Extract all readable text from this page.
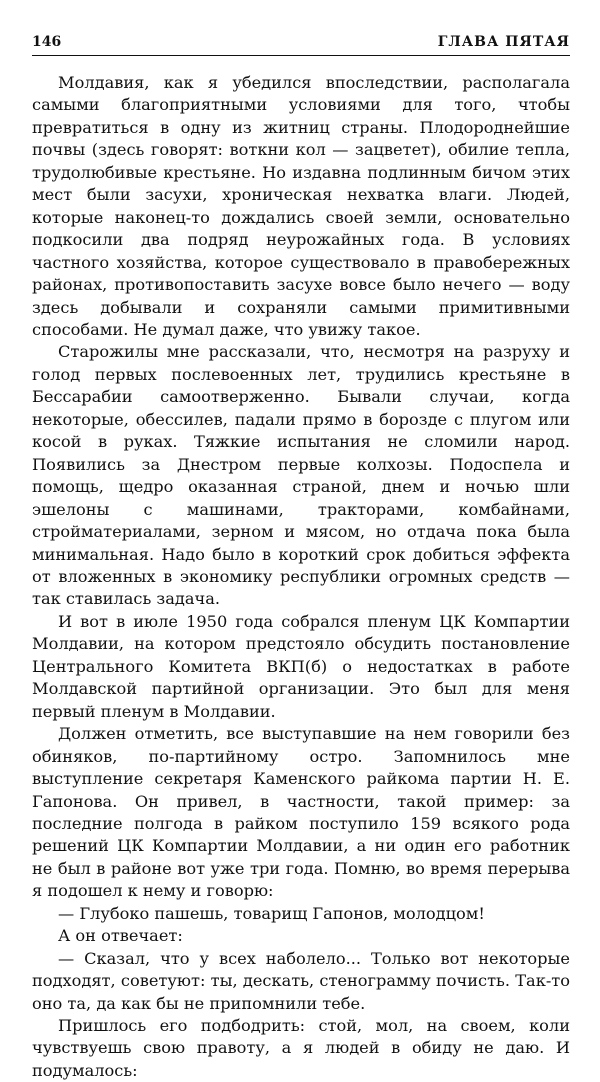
146	ГЛАВА ПЯТАЯ

Молдавия, как я убедился впоследствии, располагала самыми благоприятными условиями для того, чтобы превратиться в одну из житниц страны. Плодороднейшие почвы (здесь говорят: воткни кол — зацветет), обилие тепла, трудолюбивые крестьяне. Но издавна подлинным бичом этих мест были засухи, хроническая нехватка влаги. Людей, которые наконец-то дождались своей земли, основательно подкосили два подряд неурожайных года. В условиях частного хозяйства, которое существовало в правобережных районах, противопоставить засухе вовсе было нечего — воду здесь добывали и сохраняли самыми примитивными способами. Не думал даже, что увижу такое.

Старожилы мне рассказали, что, несмотря на разруху и голод первых послевоенных лет, трудились крестьяне в Бессарабии самоотверженно. Бывали случаи, когда некоторые, обессилев, падали прямо в борозде с плугом или косой в руках. Тяжкие испытания не сломили народ. Появились за Днестром первые колхозы. Подоспела и помощь, щедро оказанная страной, днем и ночью шли эшелоны с машинами, тракторами, комбайнами, стройматериалами, зерном и мясом, но отдача пока была минимальная. Надо было в короткий срок добиться эффекта от вложенных в экономику республики огромных средств — так ставилась задача.

И вот в июле 1950 года собрался пленум ЦК Компартии Молдавии, на котором предстояло обсудить постановление Центрального Комитета ВКП(б) о недостатках в работе Молдавской партийной организации. Это был для меня первый пленум в Молдавии.

Должен отметить, все выступавшие на нем говорили без обиняков, по-партийному остро. Запомнилось мне выступление секретаря Каменского райкома партии Н. Е. Гапонова. Он привел, в частности, такой пример: за последние полгода в райком поступило 159 всякого рода решений ЦК Компартии Молдавии, а ни один его работник не был в районе вот уже три года. Помню, во время перерыва я подошел к нему и говорю:

— Глубоко пашешь, товарищ Гапонов, молодцом!

А он отвечает:

— Сказал, что у всех наболело... Только вот некоторые подходят, советуют: ты, дескать, стенограмму почисть. Так-то оно та, да как бы не припомнили тебе.

Пришлось его подбодрить: стой, мол, на своем, коли чувствуешь свою правоту, а я людей в обиду не даю. И подумалось:
